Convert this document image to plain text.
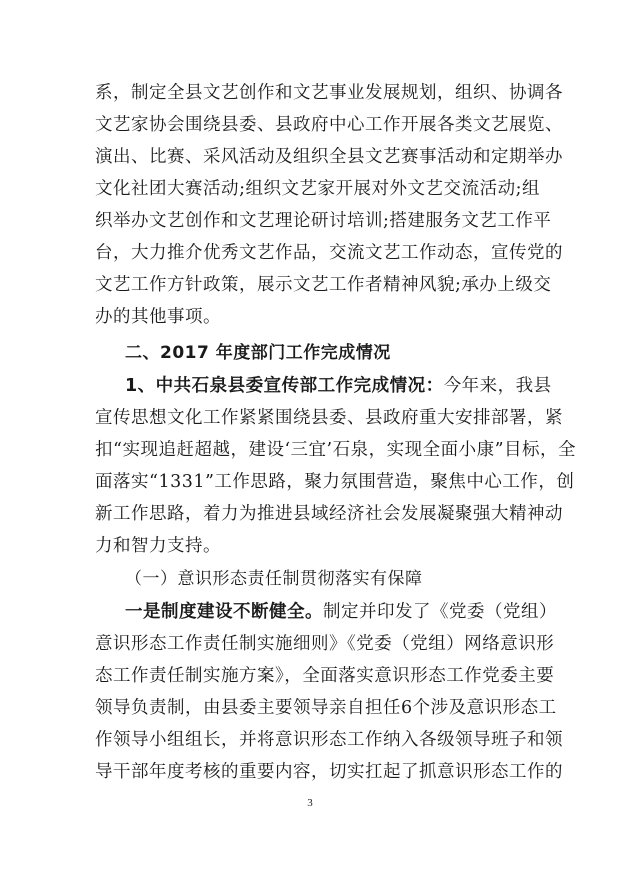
系，制定全县文艺创作和文艺事业发展规划，组织、协调各
文艺家协会围绕县委、县政府中心工作开展各类文艺展览、
演出、比赛、采风活动及组织全县文艺赛事活动和定期举办
文化社团大赛活动;组织文艺家开展对外文艺交流活动;组
织举办文艺创作和文艺理论研讨培训;搭建服务文艺工作平
台，大力推介优秀文艺作品，交流文艺工作动态，宣传党的
文艺工作方针政策，展示文艺工作者精神风貌;承办上级交
办的其他事项。
二、2017 年度部门工作完成情况
1、中共石泉县委宣传部工作完成情况：今年来，我县
宣传思想文化工作紧紧围绕县委、县政府重大安排部署，紧
扣“实现追赶超越，建设‘三宜’石泉，实现全面小康”目标，全
面落实“1331”工作思路，聚力氛围营造，聚焦中心工作，创
新工作思路，着力为推进县域经济社会发展凝聚强大精神动
力和智力支持。
（一）意识形态责任制贯彻落实有保障
一是制度建设不断健全。制定并印发了《党委（党组）
意识形态工作责任制实施细则》《党委（党组）网络意识形
态工作责任制实施方案》，全面落实意识形态工作党委主要
领导负责制，由县委主要领导亲自担任6个涉及意识形态工
作领导小组组长，并将意识形态工作纳入各级领导班子和领
导干部年度考核的重要内容，切实扛起了抓意识形态工作的
3
